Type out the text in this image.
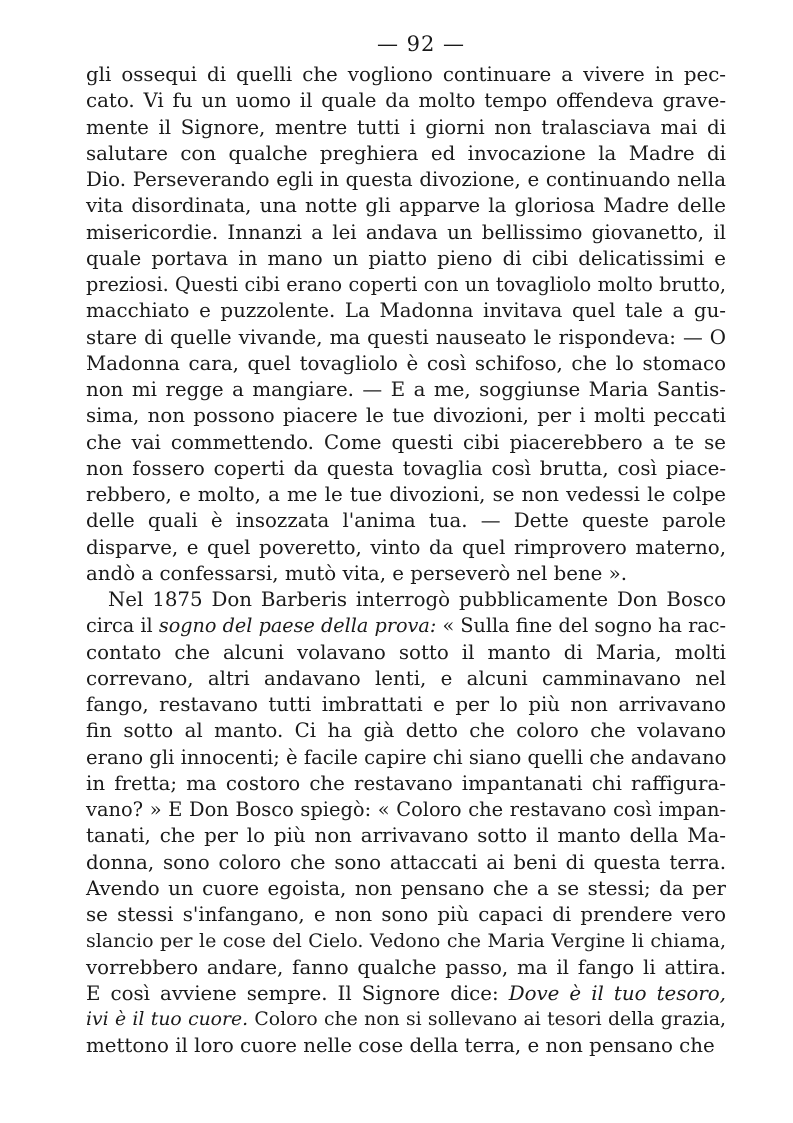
— 92 —
gli ossequi di quelli che vogliono continuare a vivere in pec-
cato. Vi fu un uomo il quale da molto tempo offendeva grave-
mente il Signore, mentre tutti i giorni non tralasciava mai di
salutare con qualche preghiera ed invocazione la Madre di
Dio. Perseverando egli in questa divozione, e continuando nella
vita disordinata, una notte gli apparve la gloriosa Madre delle
misericordie. Innanzi a lei andava un bellissimo giovanetto, il
quale portava in mano un piatto pieno di cibi delicatissimi e
preziosi. Questi cibi erano coperti con un tovagliolo molto brutto,
macchiato e puzzolente. La Madonna invitava quel tale a gu-
stare di quelle vivande, ma questi nauseato le rispondeva: — O
Madonna cara, quel tovagliolo è così schifoso, che lo stomaco
non mi regge a mangiare. — E a me, soggiunse Maria Santis-
sima, non possono piacere le tue divozioni, per i molti peccati
che vai commettendo. Come questi cibi piacerebbero a te se
non fossero coperti da questa tovaglia così brutta, così piace-
rebbero, e molto, a me le tue divozioni, se non vedessi le colpe
delle quali è insozzata l'anima tua. — Dette queste parole
disparve, e quel poveretto, vinto da quel rimprovero materno,
andò a confessarsi, mutò vita, e perseverò nel bene ».
Nel 1875 Don Barberis interrogò pubblicamente Don Bosco
circa il sogno del paese della prova: « Sulla fine del sogno ha rac-
contato che alcuni volavano sotto il manto di Maria, molti
correvano, altri andavano lenti, e alcuni camminavano nel
fango, restavano tutti imbrattati e per lo più non arrivavano
fin sotto al manto. Ci ha già detto che coloro che volavano
erano gli innocenti; è facile capire chi siano quelli che andavano
in fretta; ma costoro che restavano impantanati chi raffigura-
vano? » E Don Bosco spiegò: « Coloro che restavano così impan-
tanati, che per lo più non arrivavano sotto il manto della Ma-
donna, sono coloro che sono attaccati ai beni di questa terra.
Avendo un cuore egoista, non pensano che a se stessi; da per
se stessi s'infangano, e non sono più capaci di prendere vero
slancio per le cose del Cielo. Vedono che Maria Vergine li chiama,
vorrebbero andare, fanno qualche passo, ma il fango li attira.
E così avviene sempre. Il Signore dice: Dove è il tuo tesoro,
ivi è il tuo cuore. Coloro che non si sollevano ai tesori della grazia,
mettono il loro cuore nelle cose della terra, e non pensano che
